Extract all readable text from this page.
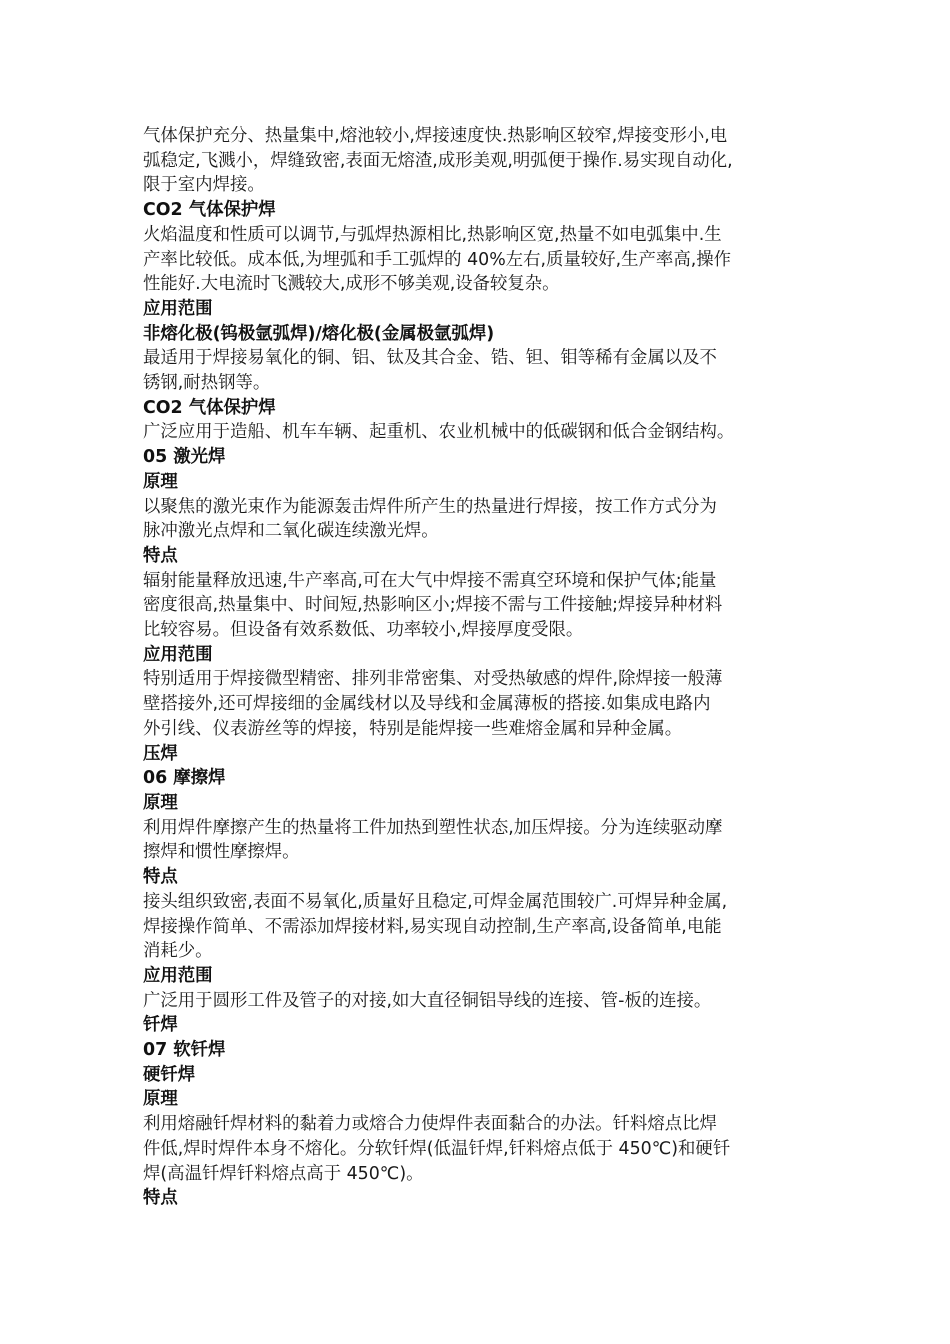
气体保护充分、热量集中,熔池较小,焊接速度快.热影响区较窄,焊接变形小,电
弧稳定,飞溅小，焊缝致密,表面无熔渣,成形美观,明弧便于操作.易实现自动化,
限于室内焊接。
CO2 气体保护焊
火焰温度和性质可以调节,与弧焊热源相比,热影响区宽,热量不如电弧集中.生
产率比较低。成本低,为埋弧和手工弧焊的 40%左右,质量较好,生产率高,操作
性能好.大电流时飞溅较大,成形不够美观,设备较复杂。
应用范围
非熔化极(钨极氩弧焊)/熔化极(金属极氩弧焊)
最适用于焊接易氧化的铜、铝、钛及其合金、锆、钽、钼等稀有金属以及不
锈钢,耐热钢等。
CO2 气体保护焊
广泛应用于造船、机车车辆、起重机、农业机械中的低碳钢和低合金钢结构。
05 激光焊
原理
以聚焦的激光束作为能源轰击焊件所产生的热量进行焊接，按工作方式分为
脉冲激光点焊和二氧化碳连续激光焊。
特点
辐射能量释放迅速,牛产率高,可在大气中焊接不需真空环境和保护气体;能量
密度很高,热量集中、时间短,热影响区小;焊接不需与工件接触;焊接异种材料
比较容易。但设备有效系数低、功率较小,焊接厚度受限。
应用范围
特别适用于焊接微型精密、排列非常密集、对受热敏感的焊件,除焊接一般薄
壁搭接外,还可焊接细的金属线材以及导线和金属薄板的搭接.如集成电路内
外引线、仪表游丝等的焊接，特别是能焊接一些难熔金属和异种金属。
压焊
06 摩擦焊
原理
利用焊件摩擦产生的热量将工件加热到塑性状态,加压焊接。分为连续驱动摩
擦焊和惯性摩擦焊。
特点
接头组织致密,表面不易氧化,质量好且稳定,可焊金属范围较广.可焊异种金属,
焊接操作简单、不需添加焊接材料,易实现自动控制,生产率高,设备简单,电能
消耗少。
应用范围
广泛用于圆形工件及管子的对接,如大直径铜铝导线的连接、管-板的连接。
钎焊
07 软钎焊
硬钎焊
原理
利用熔融钎焊材料的黏着力或熔合力使焊件表面黏合的办法。钎料熔点比焊
件低,焊时焊件本身不熔化。分软钎焊(低温钎焊,钎料熔点低于 450℃)和硬钎
焊(高温钎焊钎料熔点高于 450℃)。
特点
